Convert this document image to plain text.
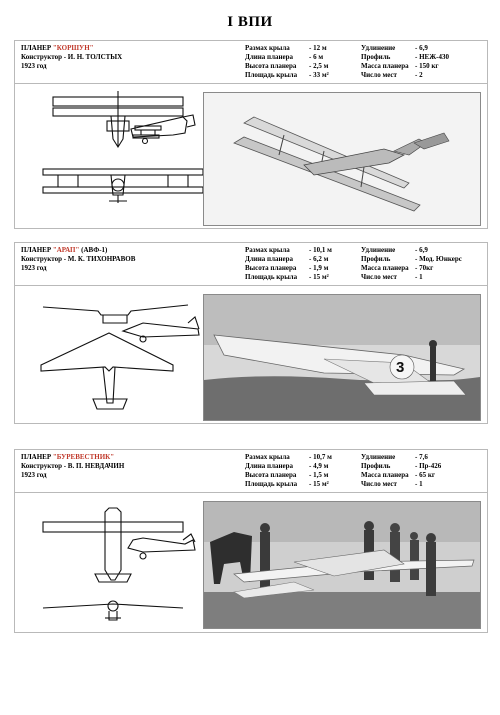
I ВПИ
ПЛАНЕР "КОРШУН"
Конструктор - И. Н. ТОЛСТЫХ
1923 год
Размах крыла	- 12 м
Длина планера	- 6 м
Высота планера	- 2,5 м
Площадь крыла	- 33 м²
Удлинение	- 6,9
Профиль	- НЕЖ-430
Масса планера - 150 кг
Число мест	- 2
ПЛАНЕР "АРАП" (АВФ-1)
Конструктор - М. К. ТИХОНРАВОВ
1923 год
Размах крыла	- 10,1 м
Длина планера	- 6,2 м
Высота планера	- 1,9 м
Площадь крыла	- 15 м²
Удлинение	- 6,9
Профиль	- Мод. Юнкерс
Масса планера - 70кг
Число мест	- 1
3
ПЛАНЕР "БУРЕВЕСТНИК"
Конструктор - В. П. НЕВДАЧИН
1923 год
Размах крыла	- 10,7 м
Длина планера	- 4,9 м
Высота планера	- 1,5 м
Площадь крыла	- 15 м²
Удлинение	- 7,6
Профиль	- Пр-426
Масса планера - 65 кг
Число мест	- 1
